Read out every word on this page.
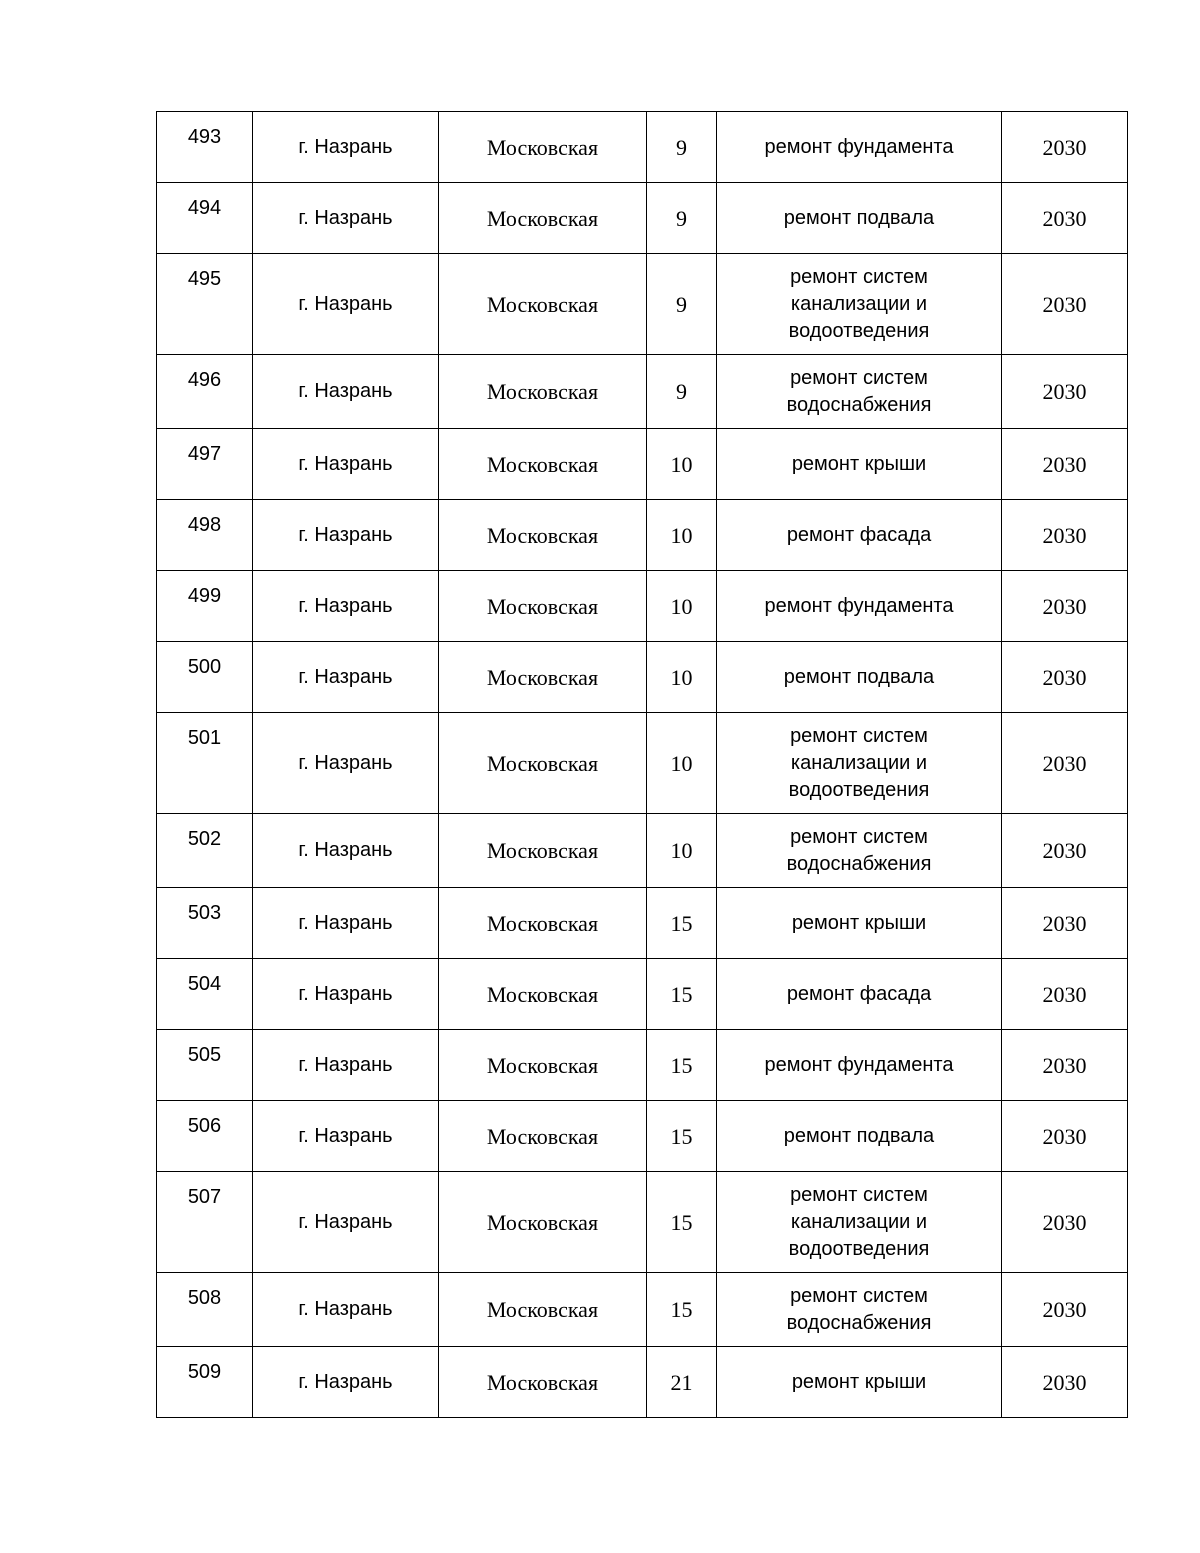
493	г. Назрань	Московская	9	ремонт фундамента	2030
494	г. Назрань	Московская	9	ремонт подвала	2030
495	г. Назрань	Московская	9	ремонт систем канализации и водоотведения	2030
496	г. Назрань	Московская	9	ремонт систем водоснабжения	2030
497	г. Назрань	Московская	10	ремонт крыши	2030
498	г. Назрань	Московская	10	ремонт фасада	2030
499	г. Назрань	Московская	10	ремонт фундамента	2030
500	г. Назрань	Московская	10	ремонт подвала	2030
501	г. Назрань	Московская	10	ремонт систем канализации и водоотведения	2030
502	г. Назрань	Московская	10	ремонт систем водоснабжения	2030
503	г. Назрань	Московская	15	ремонт крыши	2030
504	г. Назрань	Московская	15	ремонт фасада	2030
505	г. Назрань	Московская	15	ремонт фундамента	2030
506	г. Назрань	Московская	15	ремонт подвала	2030
507	г. Назрань	Московская	15	ремонт систем канализации и водоотведения	2030
508	г. Назрань	Московская	15	ремонт систем водоснабжения	2030
509	г. Назрань	Московская	21	ремонт крыши	2030
